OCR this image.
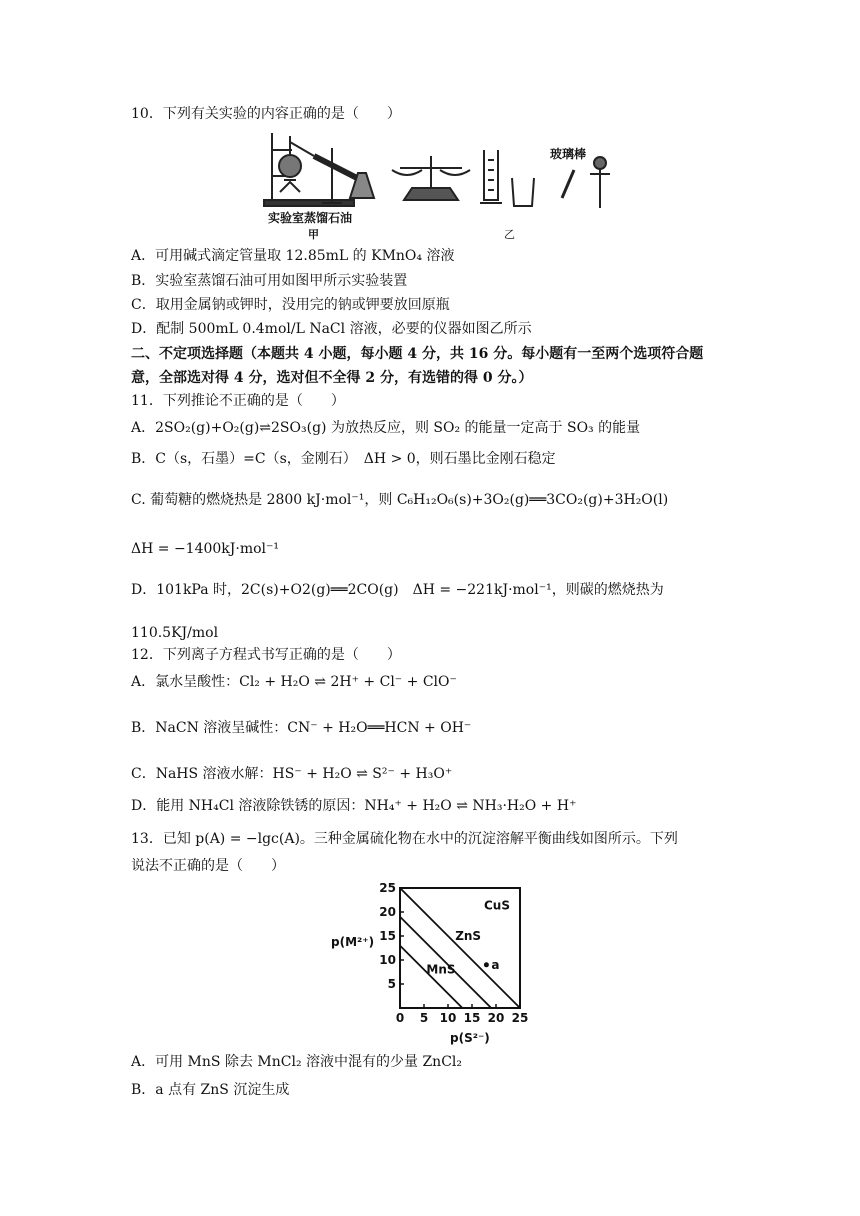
10．下列有关实验的内容正确的是（　　）
玻璃棒
实验室蒸馏石油
甲	乙
A．可用碱式滴定管量取 12.85mL 的 KMnO₄ 溶液
B．实验室蒸馏石油可用如图甲所示实验装置
C．取用金属钠或钾时，没用完的钠或钾要放回原瓶
D．配制 500mL 0.4mol/L NaCl 溶液，必要的仪器如图乙所示
二、不定项选择题（本题共 4 小题，每小题 4 分，共 16 分。每小题有一至两个选项符合题
意，全部选对得 4 分，选对但不全得 2 分，有选错的得 0 分。）
11．下列推论不正确的是（　　）
A．2SO₂(g)+O₂(g)⇌2SO₃(g) 为放热反应，则 SO₂ 的能量一定高于 SO₃ 的能量
B．C（s，石墨）=C（s，金刚石）　ΔH > 0，则石墨比金刚石稳定
C. 葡萄糖的燃烧热是 2800 kJ·mol⁻¹，则 C₆H₁₂O₆(s)+3O₂(g)══3CO₂(g)+3H₂O(l)
ΔH = −1400kJ·mol⁻¹
D．101kPa 时，2C(s)+O2(g)══2CO(g)　ΔH = −221kJ·mol⁻¹，则碳的燃烧热为
110.5KJ/mol
12．下列离子方程式书写正确的是（　　）
A．氯水呈酸性：Cl₂ + H₂O ⇌ 2H⁺ + Cl⁻ + ClO⁻
B．NaCN 溶液呈碱性：CN⁻ + H₂O══HCN + OH⁻
C．NaHS 溶液水解：HS⁻ + H₂O ⇌ S²⁻ + H₃O⁺
D．能用 NH₄Cl 溶液除铁锈的原因：NH₄⁺ + H₂O ⇌ NH₃·H₂O + H⁺
13．已知 p(A) = −lgc(A)。三种金属硫化物在水中的沉淀溶解平衡曲线如图所示。下列
说法不正确的是（　　）
0 5 10 15 20 25
5
10
15
20
25
MnS
ZnS
CuS
a
p(M²⁺)
p(S²⁻)
A．可用 MnS 除去 MnCl₂ 溶液中混有的少量 ZnCl₂
B．a 点有 ZnS 沉淀生成
